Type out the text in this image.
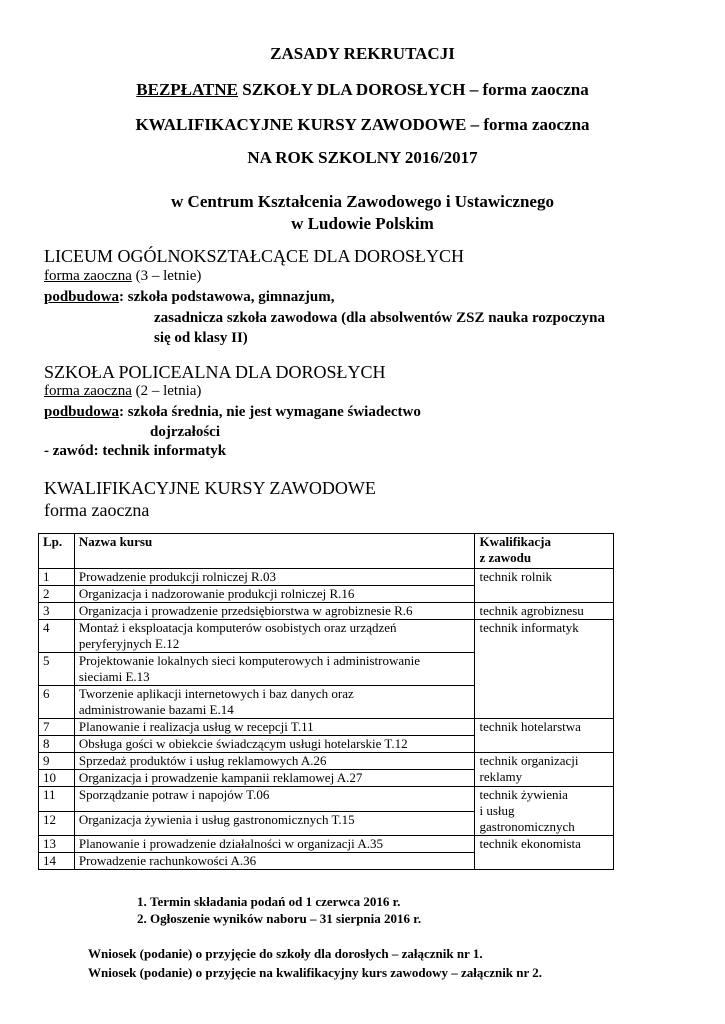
ZASADY REKRUTACJI
BEZPŁATNE SZKOŁY DLA DOROSŁYCH – forma zaoczna
KWALIFIKACYJNE KURSY ZAWODOWE – forma zaoczna
NA ROK SZKOLNY 2016/2017
w Centrum Kształcenia Zawodowego i Ustawicznego
w Ludowie Polskim
LICEUM OGÓLNOKSZTAŁCĄCE DLA DOROSŁYCH
forma zaoczna (3 – letnie)
podbudowa: szkoła podstawowa, gimnazjum,
zasadnicza szkoła zawodowa (dla absolwentów ZSZ nauka rozpoczyna
się od klasy II)
SZKOŁA POLICEALNA DLA DOROSŁYCH
forma zaoczna (2 – letnia)
podbudowa: szkoła średnia, nie jest wymagane świadectwo
dojrzałości
- zawód: technik informatyk
KWALIFIKACYJNE KURSY ZAWODOWE
forma zaoczna
Lp.	Nazwa kursu	Kwalifikacja
z zawodu
1	Prowadzenie produkcji rolniczej R.03	technik rolnik
2	Organizacja i nadzorowanie produkcji rolniczej R.16	
3	Organizacja i prowadzenie przedsiębiorstwa w agrobiznesie R.6	technik agrobiznesu
4	Montaż i eksploatacja komputerów osobistych oraz urządzeń
peryferyjnych E.12	technik informatyk
5	Projektowanie lokalnych sieci komputerowych i administrowanie
sieciami E.13	
6	Tworzenie aplikacji internetowych i baz danych oraz
administrowanie bazami E.14	
7	Planowanie i realizacja usług w recepcji T.11	technik hotelarstwa
8	Obsługa gości w obiekcie świadczącym usługi hotelarskie T.12	
9	Sprzedaż produktów i usług reklamowych A.26	technik organizacji
reklamy
10	Organizacja i prowadzenie kampanii reklamowej A.27	
11	Sporządzanie potraw i napojów T.06	technik żywienia
i usług
gastronomicznych
12	Organizacja żywienia i usług gastronomicznych T.15	
13	Planowanie i prowadzenie działalności w organizacji A.35	technik ekonomista
14	Prowadzenie rachunkowości A.36	
1. Termin składania podań od 1 czerwca 2016 r.
2. Ogłoszenie wyników naboru – 31 sierpnia 2016 r.
Wniosek (podanie) o przyjęcie do szkoły dla dorosłych – załącznik nr 1.
Wniosek (podanie) o przyjęcie na kwalifikacyjny kurs zawodowy – załącznik nr 2.
